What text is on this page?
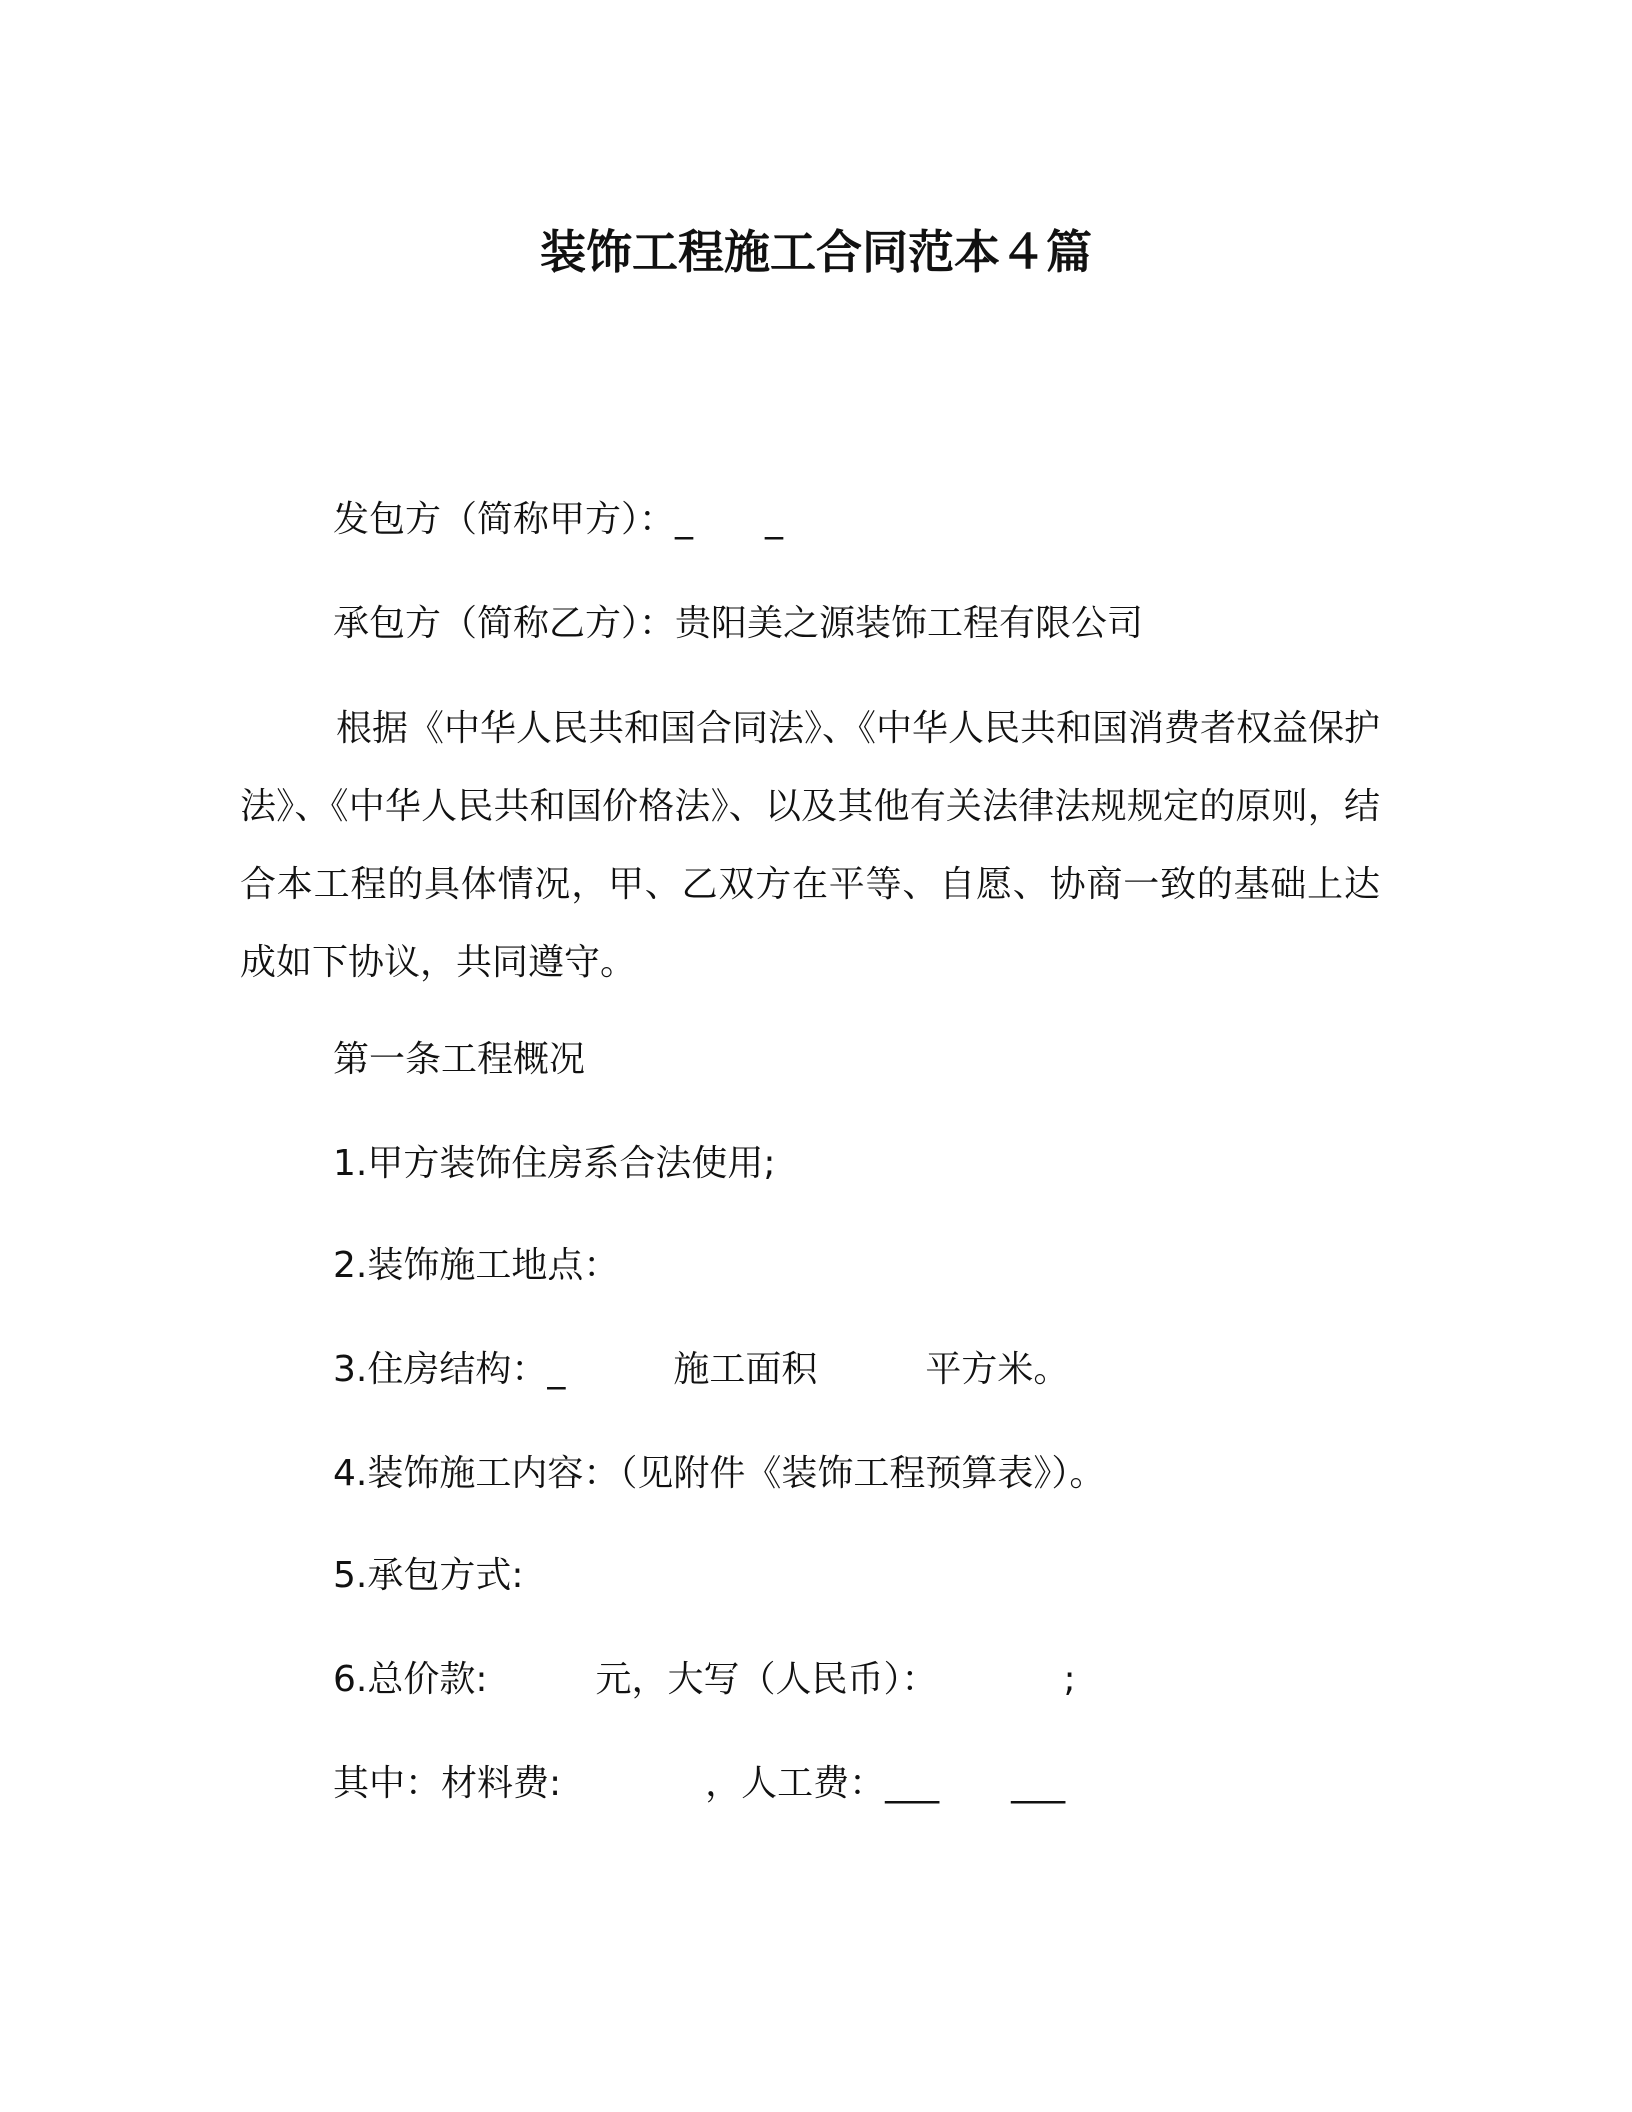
装饰工程施工合同范本４篇
发包方（简称甲方）：_　　_
承包方（简称乙方）：贵阳美之源装饰工程有限公司

根据《中华人民共和国合同法》、《中华人民共和国消费者权益保护法》、《中华人民共和国价格法》、以及其他有关法律法规规定的原则，结合本工程的具体情况，甲、乙双方在平等、自愿、协商一致的基础上达成如下协议，共同遵守。

第一条工程概况
1.甲方装饰住房系合法使用;
2.装饰施工地点：
3.住房结构：_　　　施工面积　　　平方米。
4.装饰施工内容：（见附件《装饰工程预算表》）。
5.承包方式:
6.总价款:　　　元，大写（人民币）：　　　　;
其中：材料费:　　　　，人工费：___　　___
